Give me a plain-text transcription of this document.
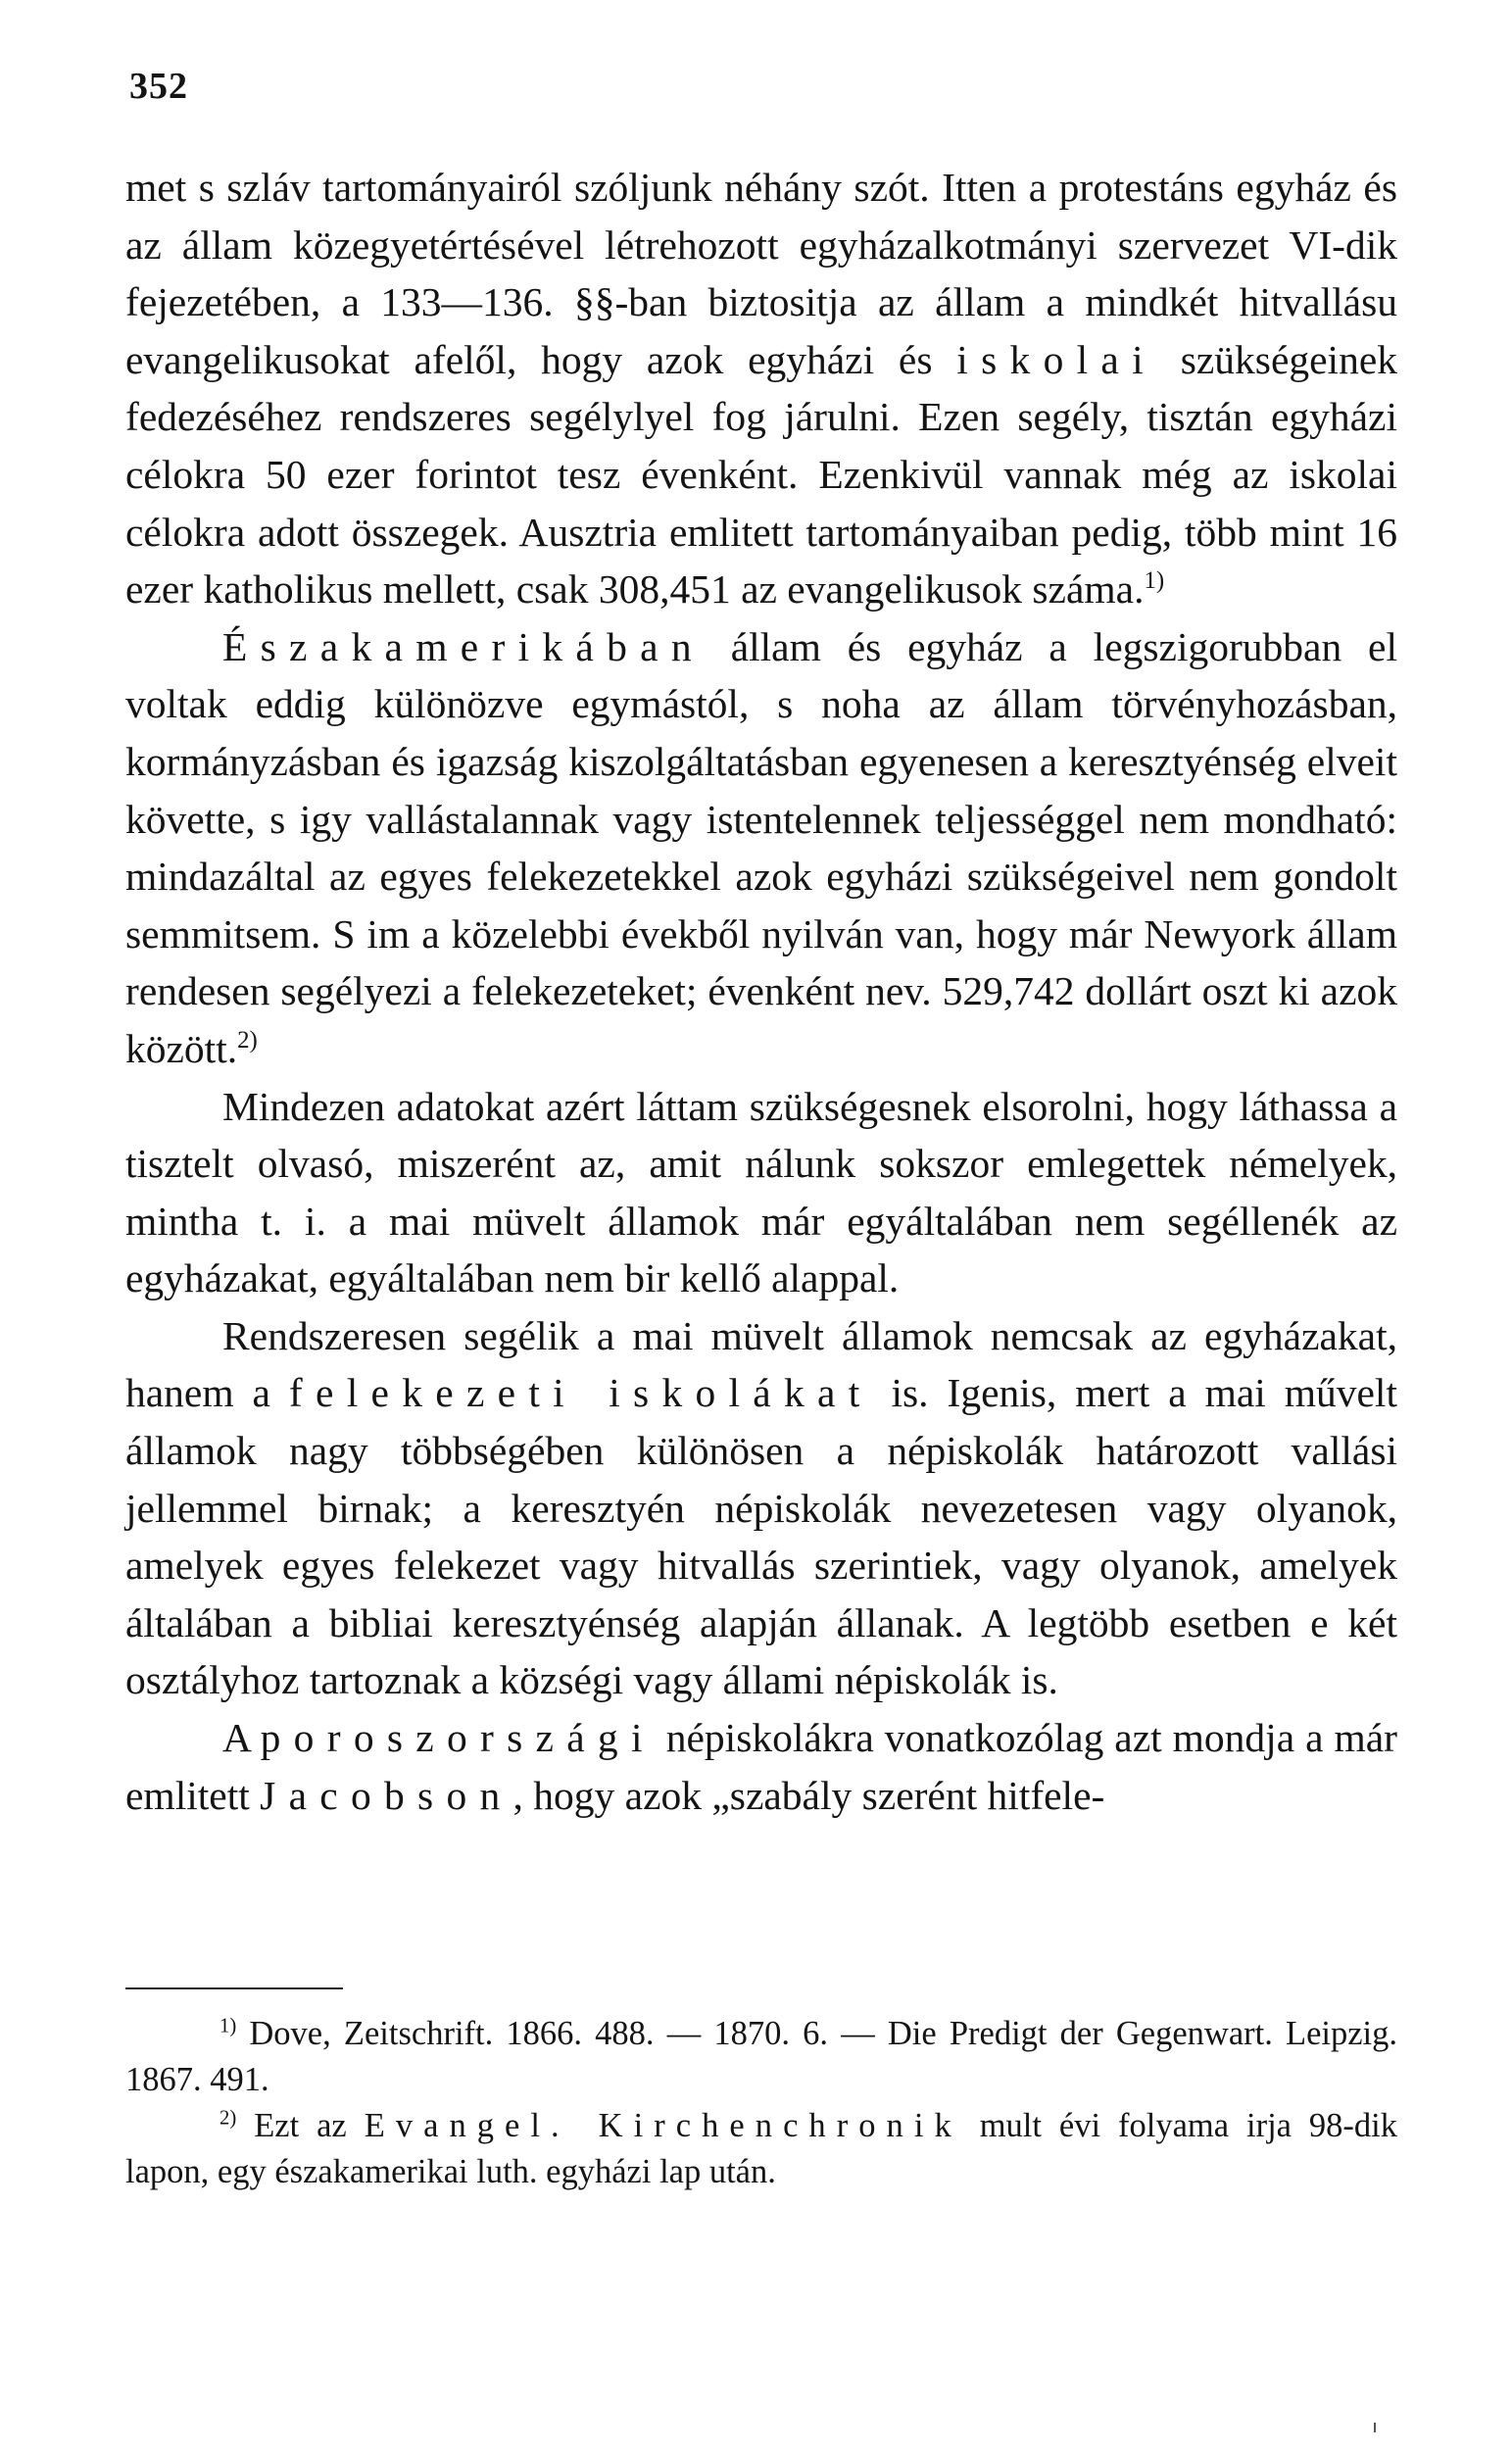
352

met s szláv tartományairól szóljunk néhány szót. Itten a protestáns egyház és az állam közegyetértésével létrehozott egyházalkotmányi szervezet VI-dik fejezetében, a 133—136. §§-ban biztositja az állam a mindkét hitvallásu evangelikusokat afelől, hogy azok egyházi és iskolai szükségeinek fedezéséhez rendszeres segélylyel fog járulni. Ezen segély, tisztán egyházi célokra 50 ezer forintot tesz évenként. Ezenkivül vannak még az iskolai célokra adott összegek. Ausztria emlitett tartományaiban pedig, több mint 16 ezer katholikus mellett, csak 308,451 az evangelikusok száma.$^{1)}$

Északamerikában állam és egyház a legszigorubban el voltak eddig különözve egymástól, s noha az állam törvényhozásban, kormányzásban és igazság kiszolgáltatásban egyenesen a keresztyénség elveit követte, s igy vallástalannak vagy istentelennek teljességgel nem mondható: mindazáltal az egyes felekezetekkel azok egyházi szükségeivel nem gondolt semmitsem. S im a közelebbi évekből nyilván van, hogy már Newyork állam rendesen segélyezi a felekezeteket; évenként nev. 529,742 dollárt oszt ki azok között.$^{2)}$

Mindezen adatokat azért láttam szükségesnek elsorolni, hogy láthassa a tisztelt olvasó, miszerént az, amit nálunk sokszor emlegettek némelyek, mintha t. i. a mai müvelt államok már egyáltalában nem segéllenék az egyházakat, egyáltalában nem bir kellő alappal.

Rendszeresen segélik a mai müvelt államok nemcsak az egyházakat, hanem a felekezeti iskolákat is. Igenis, mert a mai művelt államok nagy többségében különösen a népiskolák határozott vallási jellemmel birnak; a keresztyén népiskolák nevezetesen vagy olyanok, amelyek egyes felekezet vagy hitvallás szerintiek, vagy olyanok, amelyek általában a bibliai keresztyénség alapján állanak. A legtöbb esetben e két osztályhoz tartoznak a községi vagy állami népiskolák is.

A poroszországi népiskolákra vonatkozólag azt mondja a már emlitett Jacobson, hogy azok „szabály szerént hitfele-

$^{1)}$ Dove, Zeitschrift. 1866. 488. — 1870. 6. — Die Predigt der Gegenwart. Leipzig. 1867. 491.

$^{2)}$ Ezt az Evangel. Kirchenchronik mult évi folyama irja 98-dik lapon, egy északamerikai luth. egyházi lap után.
